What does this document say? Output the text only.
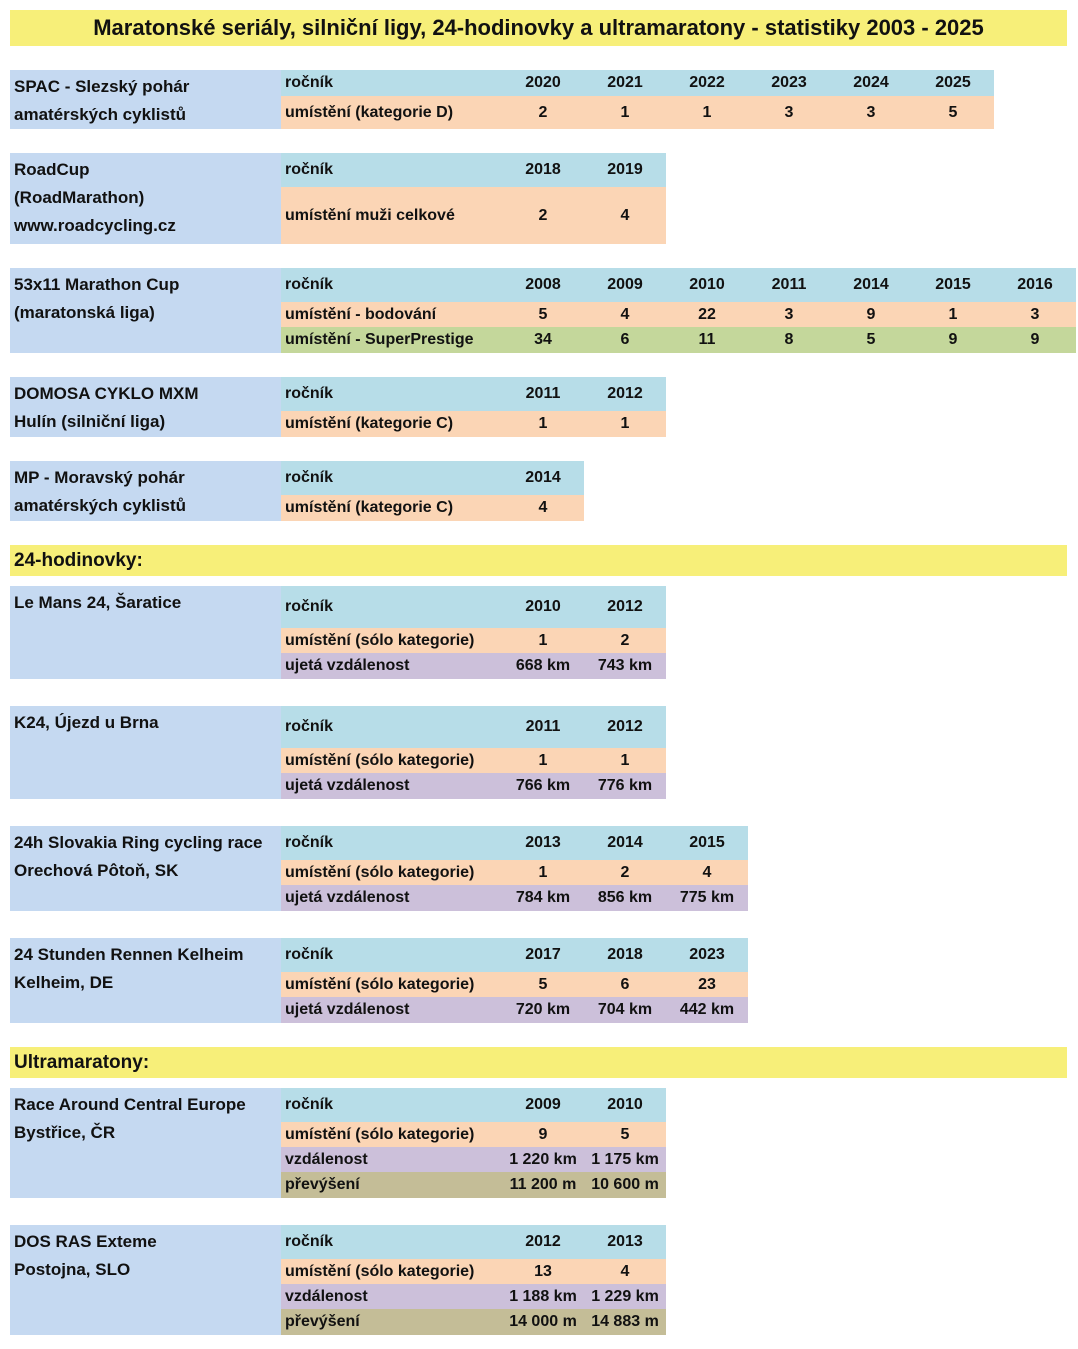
Maratonské seriály, silniční ligy, 24-hodinovky a ultramaratony - statistiky 2003 - 2025
24-hodinovky:
Ultramaratony:
SPAC - Slezský pohár
amatérských cyklistů
ročník	2020	2021	2022	2023	2024	2025
umístění (kategorie D)	2	1	1	3	3	5
RoadCup
(RoadMarathon)
www.roadcycling.cz
ročník	2018	2019
umístění muži celkové	2	4
53x11 Marathon Cup
(maratonská liga)
ročník	2008	2009	2010	2011	2014	2015	2016
umístění - bodování	5	4	22	3	9	1	3
umístění - SuperPrestige	34	6	11	8	5	9	9
DOMOSA CYKLO MXM
Hulín (silniční liga)
ročník	2011	2012
umístění (kategorie C)	1	1
MP - Moravský pohár
amatérských cyklistů
ročník	2014
umístění (kategorie C)	4
Le Mans 24, Šaratice	ročník	2010	2012
umístění (sólo kategorie)	1	2
ujetá vzdálenost	668 km	743 km
K24, Újezd u Brna	ročník	2011	2012
umístění (sólo kategorie)	1	1
ujetá vzdálenost	766 km	776 km
24h Slovakia Ring cycling race
Orechová Pôtoň, SK
ročník	2013	2014	2015
umístění (sólo kategorie)	1	2	4
ujetá vzdálenost	784 km	856 km	775 km
24 Stunden Rennen Kelheim
Kelheim, DE
ročník	2017	2018	2023
umístění (sólo kategorie)	5	6	23
ujetá vzdálenost	720 km	704 km	442 km
Race Around Central Europe
Bystřice, ČR
ročník	2009	2010
umístění (sólo kategorie)	9	5
vzdálenost	1 220 km 1 175 km
převýšení	11 200 m 10 600 m
DOS RAS Exteme
Postojna, SLO
ročník	2012	2013
umístění (sólo kategorie)	13	4
vzdálenost	1 188 km 1 229 km
převýšení	14 000 m 14 883 m
